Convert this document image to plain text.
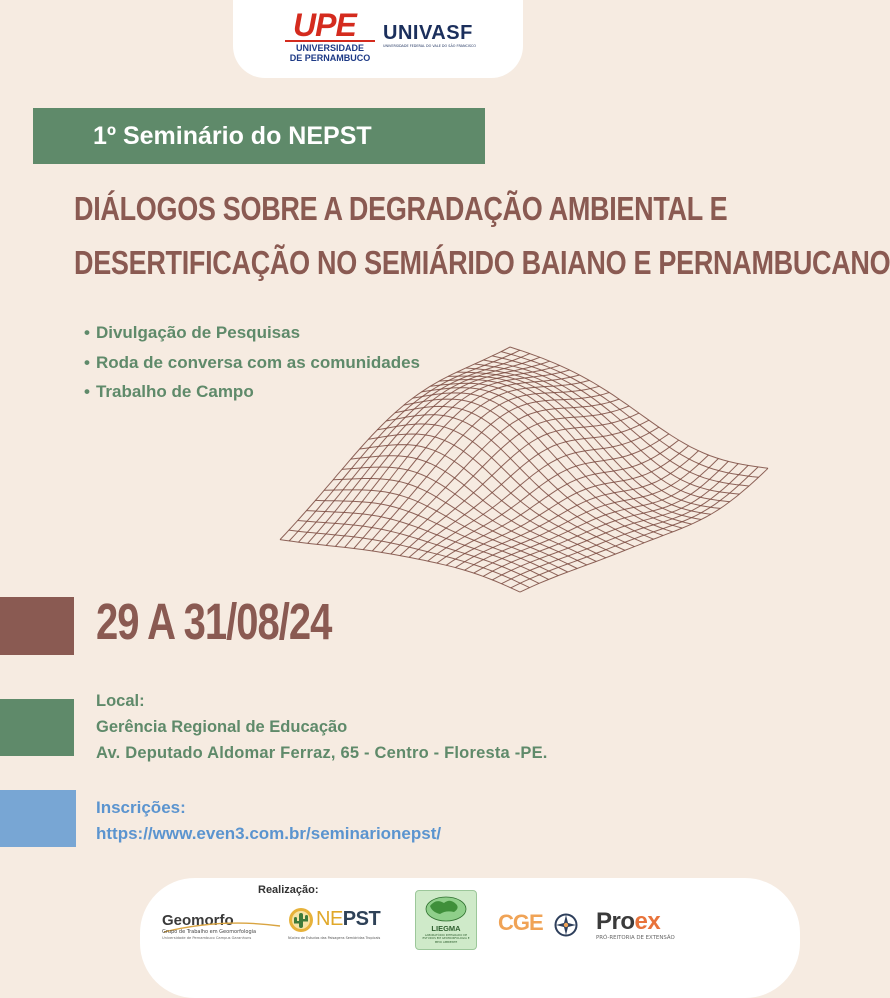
UPE
UNIVERSIDADE
DE PERNAMBUCO
UNIVASF
UNIVERSIDADE FEDERAL DO VALE DO SÃO FRANCISCO
1º Seminário do NEPST
DIÁLOGOS SOBRE A DEGRADAÇÃO AMBIENTAL E
DESERTIFICAÇÃO NO SEMIÁRIDO BAIANO E PERNAMBUCANO
• Divulgação de Pesquisas
• Roda de conversa com as comunidades
• Trabalho de Campo
29 A 31/08/24
Local:
Gerência Regional de Educação
Av. Deputado Aldomar Ferraz, 65 - Centro - Floresta -PE.
Inscrições:
https://www.even3.com.br/seminarionepst/
Realização:
Geomorfo
Grupo de Trabalho em Geomorfologia
Universidade de Pernambuco Campus Garanhuns
NEPST
Núcleo de Estudos das Paisagens Semiáridas Tropicais
LIEGMA
LABORATÓRIO INTEGRADO DE ESTUDOS EM GEOMORFOLOGIA E MEIO AMBIENTE
CGE Proex
PRÓ-REITORIA DE EXTENSÃO
